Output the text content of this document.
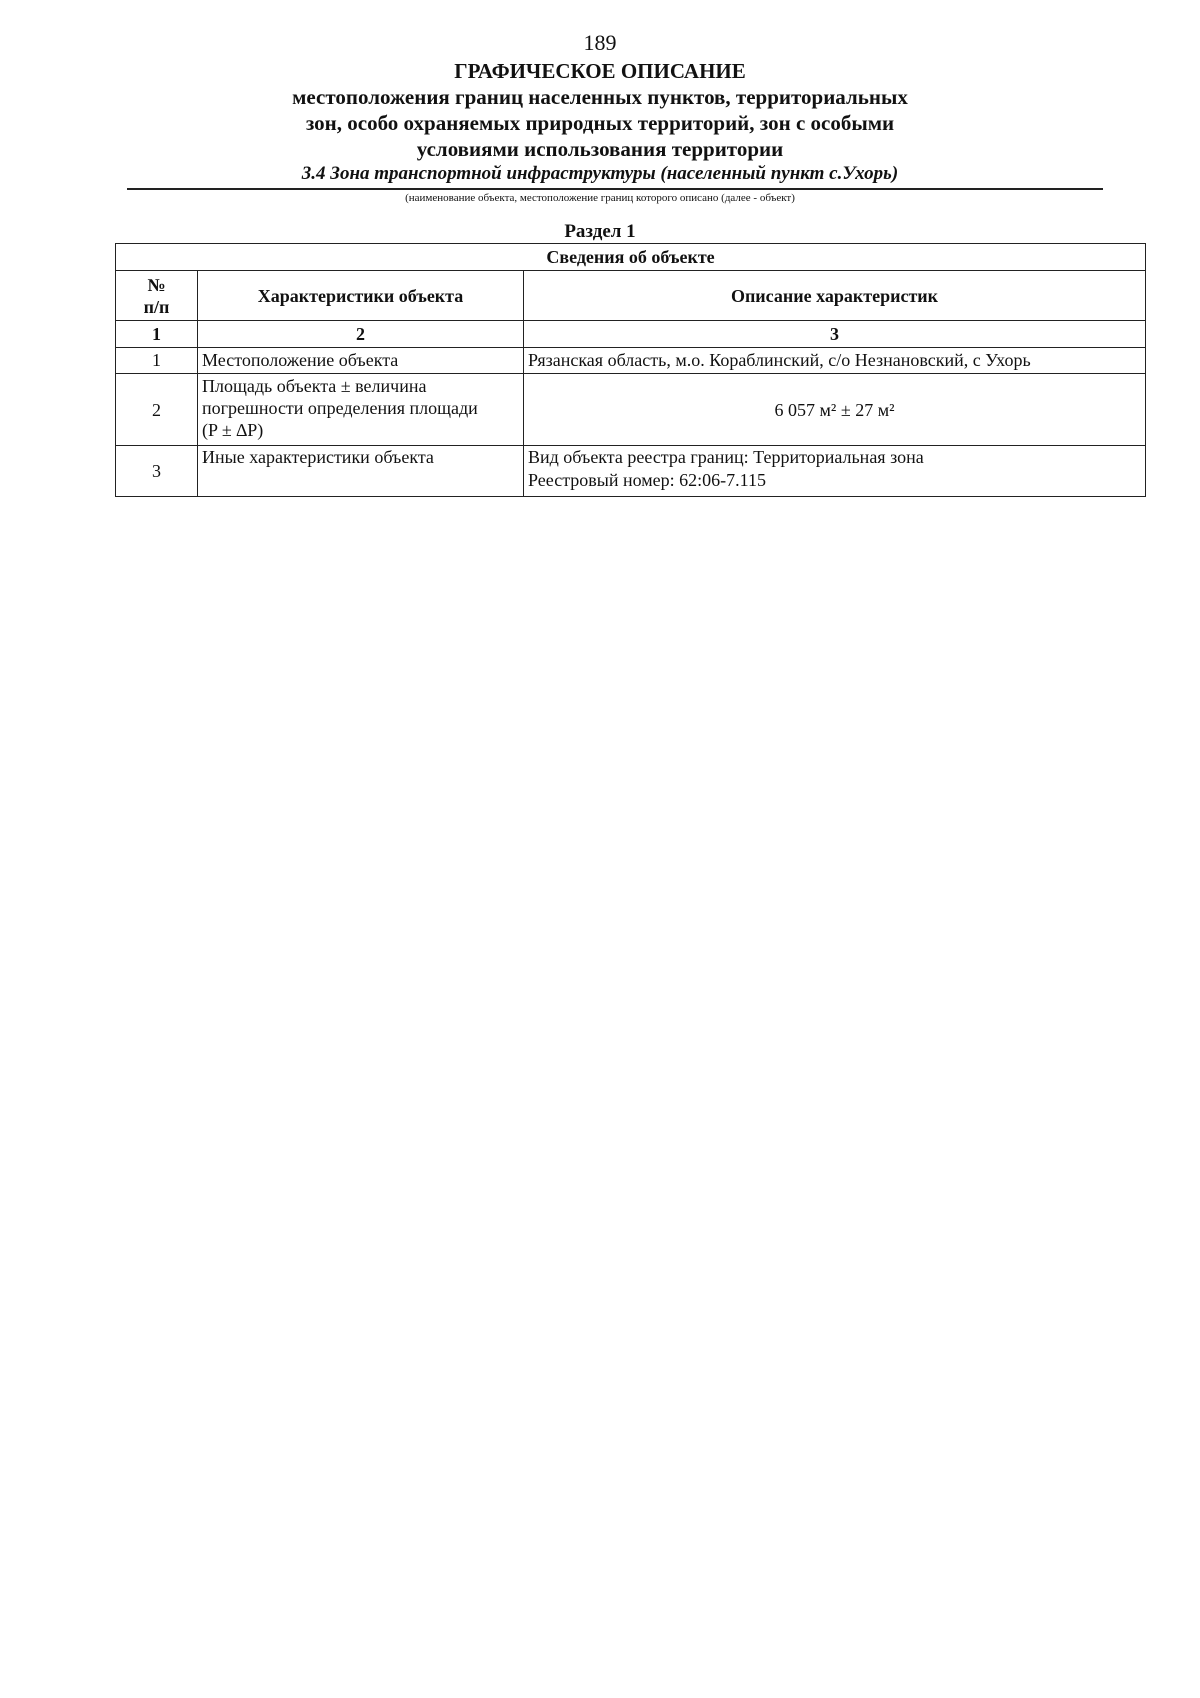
189
ГРАФИЧЕСКОЕ ОПИСАНИЕ
местоположения границ населенных пунктов, территориальных
зон, особо охраняемых природных территорий, зон с особыми
условиями использования территории
3.4 Зона транспортной инфраструктуры (населенный пункт с.Ухорь)
(наименование объекта, местоположение границ которого описано (далее - объект)
Раздел 1
Сведения об объекте		

№
п/п	Характеристики объекта	Описание характеристик
1	2	3
1	Местоположение объекта	Рязанская область, м.о. Кораблинский, с/о Незнановский, с Ухорь

2	Площадь объекта ± величина
погрешности определения площади
(P ± ∆P)	6 057 м² ± 27 м²

3	Иные характеристики объекта	Вид объекта реестра границ: Территориальная зона
Реестровый номер: 62:06-7.115
